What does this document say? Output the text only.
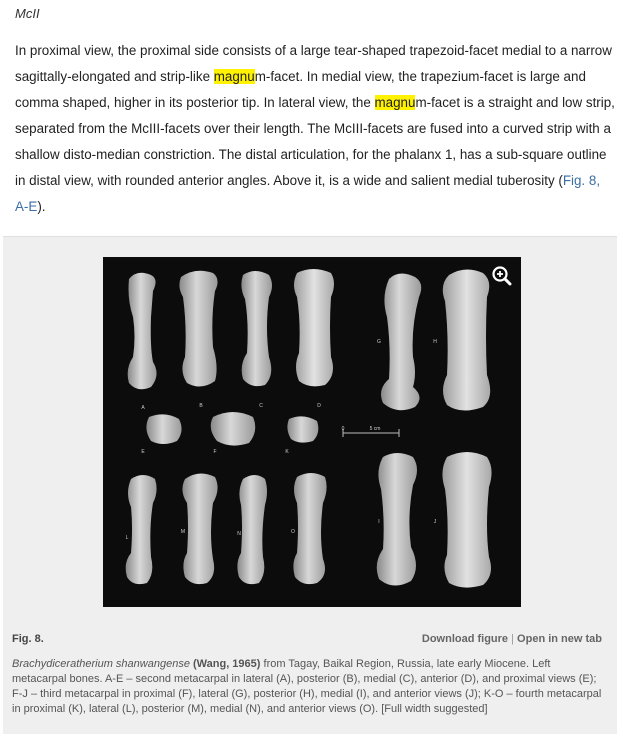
McII
In proximal view, the proximal side consists of a large tear-shaped trapezoid-facet medial to a narrow sagittally-elongated and strip-like magnum-facet. In medial view, the trapezium-facet is large and comma shaped, higher in its posterior tip. In lateral view, the magnum-facet is a straight and low strip, separated from the McIII-facets over their length. The McIII-facets are fused into a curved strip with a shallow disto-median constriction. The distal articulation, for the phalanx 1, has a sub-square outline in distal view, with rounded anterior angles. Above it, is a wide and salient medial tuberosity (Fig. 8, A-E).
A	B	C	D
G	H
E	F	K
0	5 cm
L
M	N	O
I	J
Fig. 8.	Download figure | Open in new tab
Brachydiceratherium shanwangense (Wang, 1965) from Tagay, Baikal Region, Russia, late early Miocene. Left metacarpal bones. A-E – second metacarpal in lateral (A), posterior (B), medial (C), anterior (D), and proximal views (E); F-J – third metacarpal in proximal (F), lateral (G), posterior (H), medial (I), and anterior views (J); K-O – fourth metacarpal in proximal (K), lateral (L), posterior (M), medial (N), and anterior views (O). [Full width suggested]
